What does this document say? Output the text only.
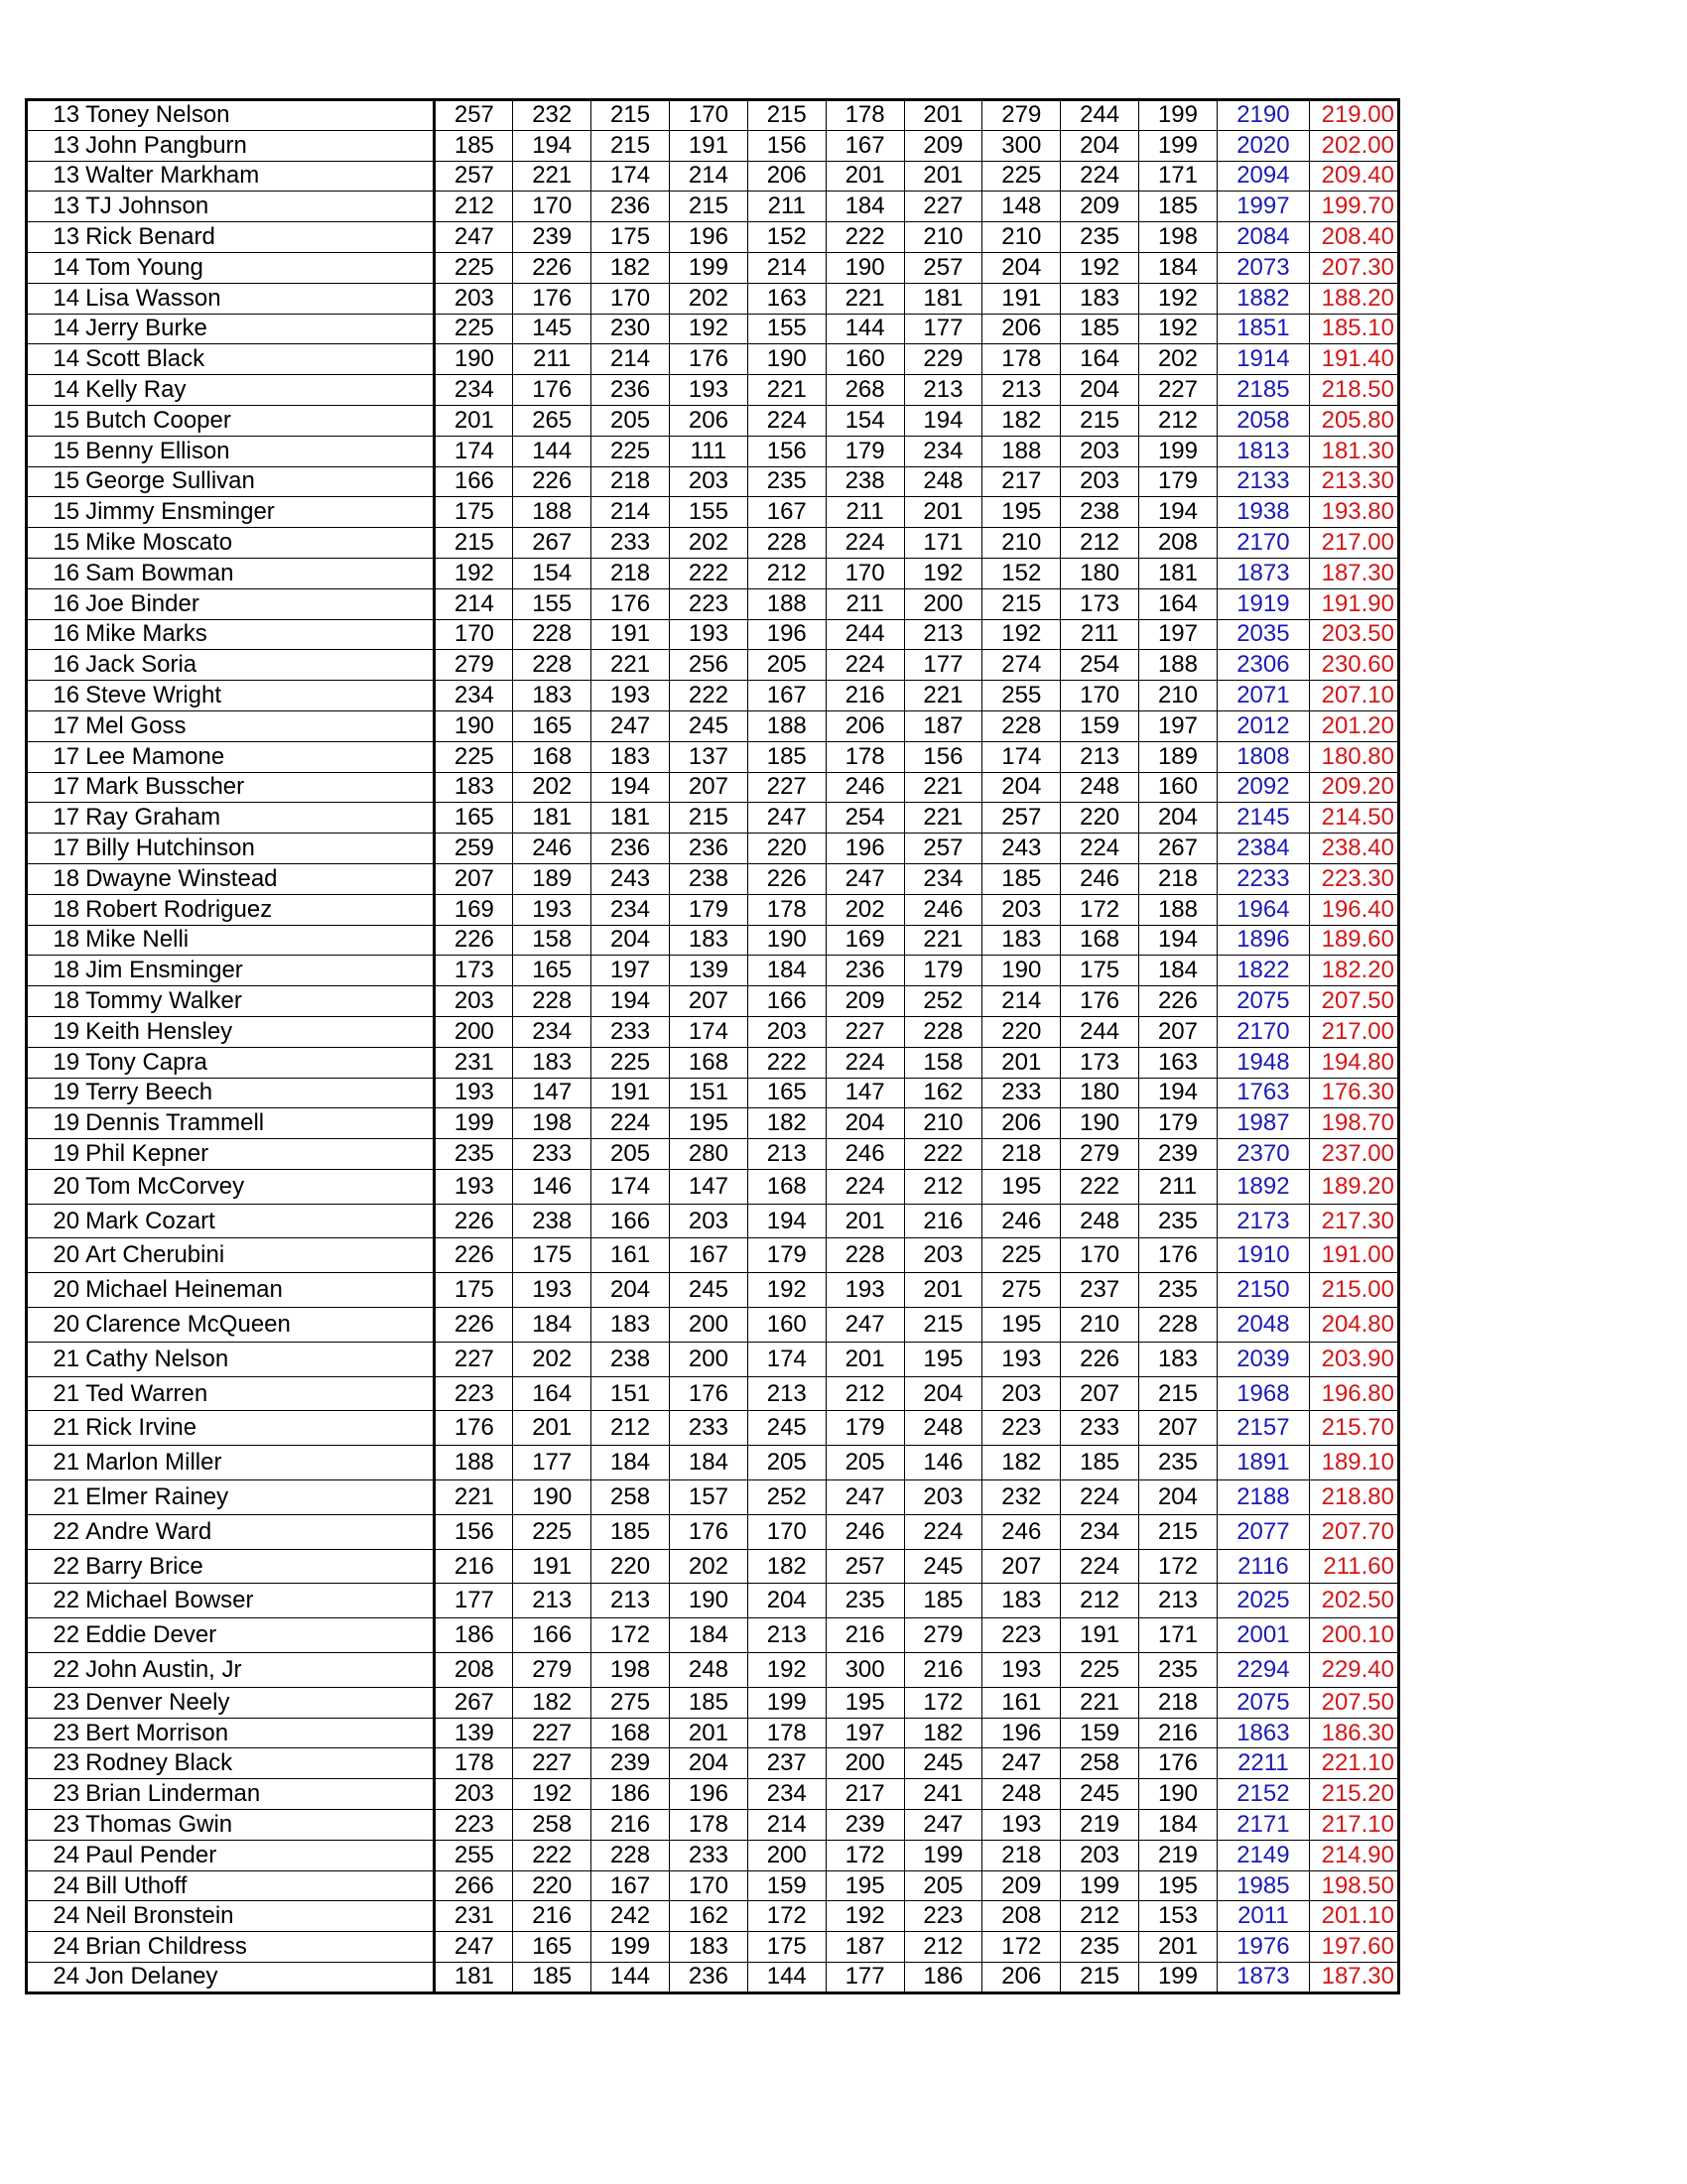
13	Toney Nelson	257	232	215	170	215	178	201	279	244	199	2190	219.00
13	John Pangburn	185	194	215	191	156	167	209	300	204	199	2020	202.00
13	Walter Markham	257	221	174	214	206	201	201	225	224	171	2094	209.40
13	TJ Johnson	212	170	236	215	211	184	227	148	209	185	1997	199.70
13	Rick Benard	247	239	175	196	152	222	210	210	235	198	2084	208.40
14	Tom Young	225	226	182	199	214	190	257	204	192	184	2073	207.30
14	Lisa Wasson	203	176	170	202	163	221	181	191	183	192	1882	188.20
14	Jerry Burke	225	145	230	192	155	144	177	206	185	192	1851	185.10
14	Scott Black	190	211	214	176	190	160	229	178	164	202	1914	191.40
14	Kelly Ray	234	176	236	193	221	268	213	213	204	227	2185	218.50
15	Butch Cooper	201	265	205	206	224	154	194	182	215	212	2058	205.80
15	Benny Ellison	174	144	225	111	156	179	234	188	203	199	1813	181.30
15	George Sullivan	166	226	218	203	235	238	248	217	203	179	2133	213.30
15	Jimmy Ensminger	175	188	214	155	167	211	201	195	238	194	1938	193.80
15	Mike Moscato	215	267	233	202	228	224	171	210	212	208	2170	217.00
16	Sam Bowman	192	154	218	222	212	170	192	152	180	181	1873	187.30
16	Joe Binder	214	155	176	223	188	211	200	215	173	164	1919	191.90
16	Mike Marks	170	228	191	193	196	244	213	192	211	197	2035	203.50
16	Jack Soria	279	228	221	256	205	224	177	274	254	188	2306	230.60
16	Steve Wright	234	183	193	222	167	216	221	255	170	210	2071	207.10
17	Mel Goss	190	165	247	245	188	206	187	228	159	197	2012	201.20
17	Lee Mamone	225	168	183	137	185	178	156	174	213	189	1808	180.80
17	Mark Busscher	183	202	194	207	227	246	221	204	248	160	2092	209.20
17	Ray Graham	165	181	181	215	247	254	221	257	220	204	2145	214.50
17	Billy Hutchinson	259	246	236	236	220	196	257	243	224	267	2384	238.40
18	Dwayne Winstead	207	189	243	238	226	247	234	185	246	218	2233	223.30
18	Robert Rodriguez	169	193	234	179	178	202	246	203	172	188	1964	196.40
18	Mike Nelli	226	158	204	183	190	169	221	183	168	194	1896	189.60
18	Jim Ensminger	173	165	197	139	184	236	179	190	175	184	1822	182.20
18	Tommy Walker	203	228	194	207	166	209	252	214	176	226	2075	207.50
19	Keith Hensley	200	234	233	174	203	227	228	220	244	207	2170	217.00
19	Tony Capra	231	183	225	168	222	224	158	201	173	163	1948	194.80
19	Terry Beech	193	147	191	151	165	147	162	233	180	194	1763	176.30
19	Dennis Trammell	199	198	224	195	182	204	210	206	190	179	1987	198.70
19	Phil Kepner	235	233	205	280	213	246	222	218	279	239	2370	237.00
20	Tom McCorvey	193	146	174	147	168	224	212	195	222	211	1892	189.20
20	Mark Cozart	226	238	166	203	194	201	216	246	248	235	2173	217.30
20	Art Cherubini	226	175	161	167	179	228	203	225	170	176	1910	191.00
20	Michael Heineman	175	193	204	245	192	193	201	275	237	235	2150	215.00
20	Clarence McQueen	226	184	183	200	160	247	215	195	210	228	2048	204.80
21	Cathy Nelson	227	202	238	200	174	201	195	193	226	183	2039	203.90
21	Ted Warren	223	164	151	176	213	212	204	203	207	215	1968	196.80
21	Rick Irvine	176	201	212	233	245	179	248	223	233	207	2157	215.70
21	Marlon Miller	188	177	184	184	205	205	146	182	185	235	1891	189.10
21	Elmer Rainey	221	190	258	157	252	247	203	232	224	204	2188	218.80
22	Andre Ward	156	225	185	176	170	246	224	246	234	215	2077	207.70
22	Barry Brice	216	191	220	202	182	257	245	207	224	172	2116	211.60
22	Michael Bowser	177	213	213	190	204	235	185	183	212	213	2025	202.50
22	Eddie Dever	186	166	172	184	213	216	279	223	191	171	2001	200.10
22	John Austin, Jr	208	279	198	248	192	300	216	193	225	235	2294	229.40
23	Denver Neely	267	182	275	185	199	195	172	161	221	218	2075	207.50
23	Bert Morrison	139	227	168	201	178	197	182	196	159	216	1863	186.30
23	Rodney Black	178	227	239	204	237	200	245	247	258	176	2211	221.10
23	Brian Linderman	203	192	186	196	234	217	241	248	245	190	2152	215.20
23	Thomas Gwin	223	258	216	178	214	239	247	193	219	184	2171	217.10
24	Paul Pender	255	222	228	233	200	172	199	218	203	219	2149	214.90
24	Bill Uthoff	266	220	167	170	159	195	205	209	199	195	1985	198.50
24	Neil Bronstein	231	216	242	162	172	192	223	208	212	153	2011	201.10
24	Brian Childress	247	165	199	183	175	187	212	172	235	201	1976	197.60
24	Jon Delaney	181	185	144	236	144	177	186	206	215	199	1873	187.30
